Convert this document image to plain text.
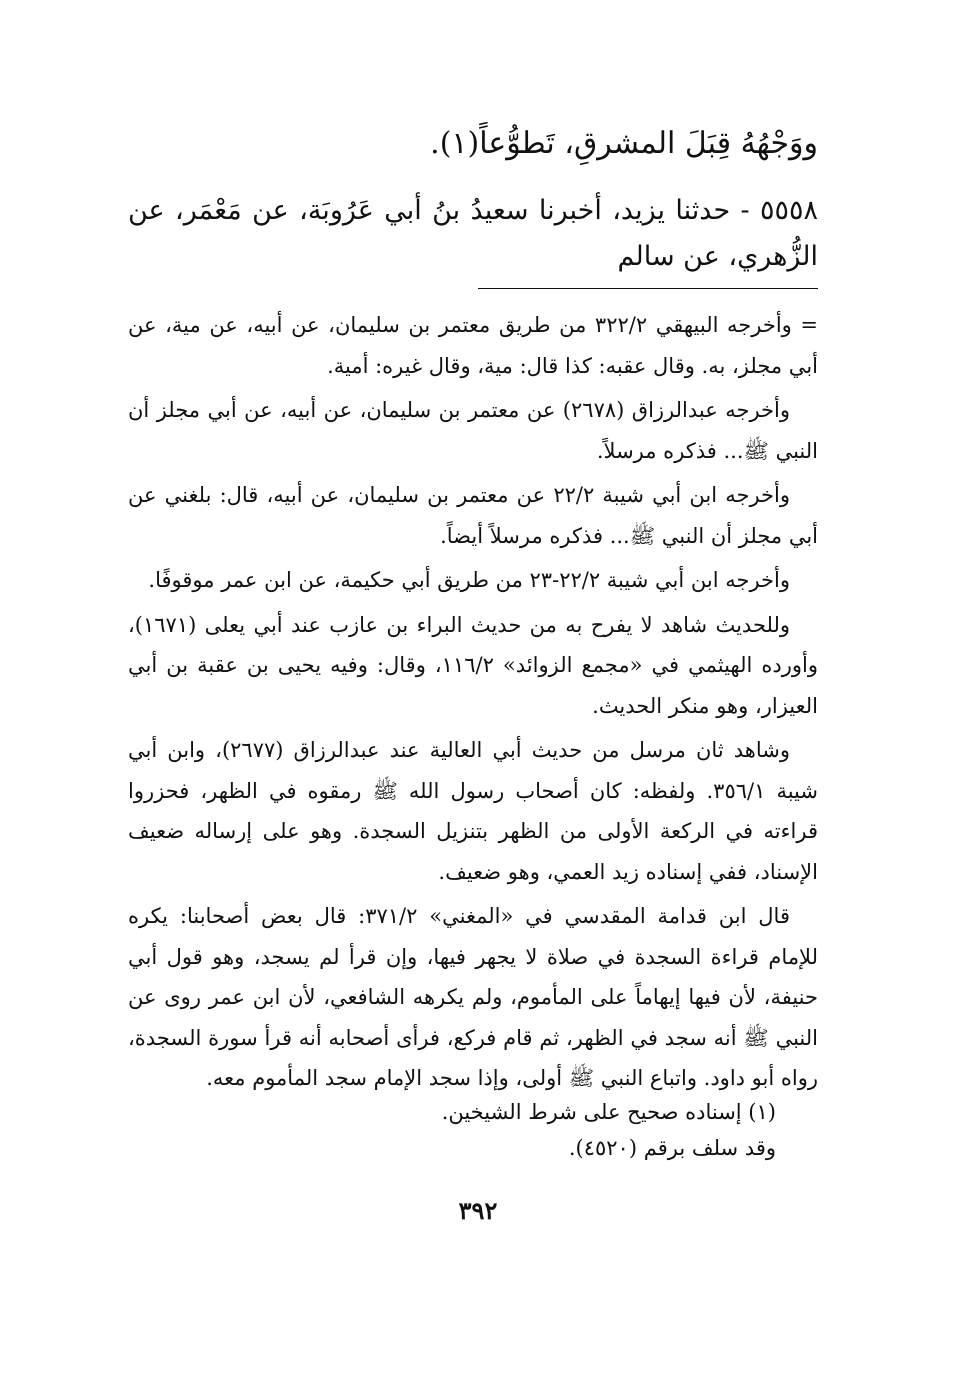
ووَجْهُهُ قِبَلَ المشرقِ، تَطوُّعاً(١).
٥٥٥٨ - حدثنا يزيد، أخبرنا سعيدُ بنُ أبي عَرُوبَة، عن مَعْمَر، عن الزُّهري، عن سالم

= وأخرجه البيهقي ٣٢٢/٢ من طريق معتمر بن سليمان، عن أبيه، عن مية، عن أبي مجلز، به. وقال عقبه: كذا قال: مية، وقال غيره: أمية.

وأخرجه عبدالرزاق (٢٦٧٨) عن معتمر بن سليمان، عن أبيه، عن أبي مجلز أن النبي ﷺ... فذكره مرسلاً.

وأخرجه ابن أبي شيبة ٢٢/٢ عن معتمر بن سليمان، عن أبيه، قال: بلغني عن أبي مجلز أن النبي ﷺ... فذكره مرسلاً أيضاً.

وأخرجه ابن أبي شيبة ٢٢/٢-٢٣ من طريق أبي حكيمة، عن ابن عمر موقوفًا.

وللحديث شاهد لا يفرح به من حديث البراء بن عازب عند أبي يعلى (١٦٧١)، وأورده الهيثمي في «مجمع الزوائد» ١١٦/٢، وقال: وفيه يحيى بن عقبة بن أبي العيزار، وهو منكر الحديث.

وشاهد ثان مرسل من حديث أبي العالية عند عبدالرزاق (٢٦٧٧)، وابن أبي شيبة ٣٥٦/١. ولفظه: كان أصحاب رسول الله ﷺ رمقوه في الظهر، فحزروا قراءته في الركعة الأولى من الظهر بتنزيل السجدة. وهو على إرساله ضعيف الإسناد، ففي إسناده زيد العمي، وهو ضعيف.

قال ابن قدامة المقدسي في «المغني» ٣٧١/٢: قال بعض أصحابنا: يكره للإمام قراءة السجدة في صلاة لا يجهر فيها، وإن قرأ لم يسجد، وهو قول أبي حنيفة، لأن فيها إيهاماً على المأموم، ولم يكرهه الشافعي، لأن ابن عمر روى عن النبي ﷺ أنه سجد في الظهر، ثم قام فركع، فرأى أصحابه أنه قرأ سورة السجدة، رواه أبو داود. واتباع النبي ﷺ أولى، وإذا سجد الإمام سجد المأموم معه.

(١) إسناده صحيح على شرط الشيخين.

وقد سلف برقم (٤٥٢٠).

٣٩٢
